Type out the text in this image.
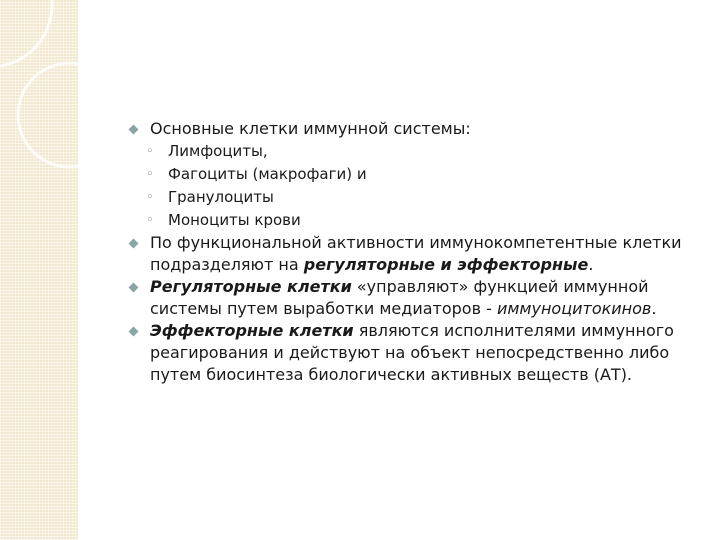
Основные клетки иммунной системы:
◦ Лимфоциты,
◦ Фагоциты (макрофаги) и
◦ Гранулоциты
◦ Моноциты крови
По функциональной активности иммунокомпетентные клетки подразделяют на регуляторные и эффекторные.
Регуляторные клетки «управляют» функцией иммунной системы путем выработки медиаторов - иммуноцитокинов.
Эффекторные клетки являются исполнителями иммунного реагирования и действуют на объект непосредственно либо путем биосинтеза биологически активных веществ (АТ).
